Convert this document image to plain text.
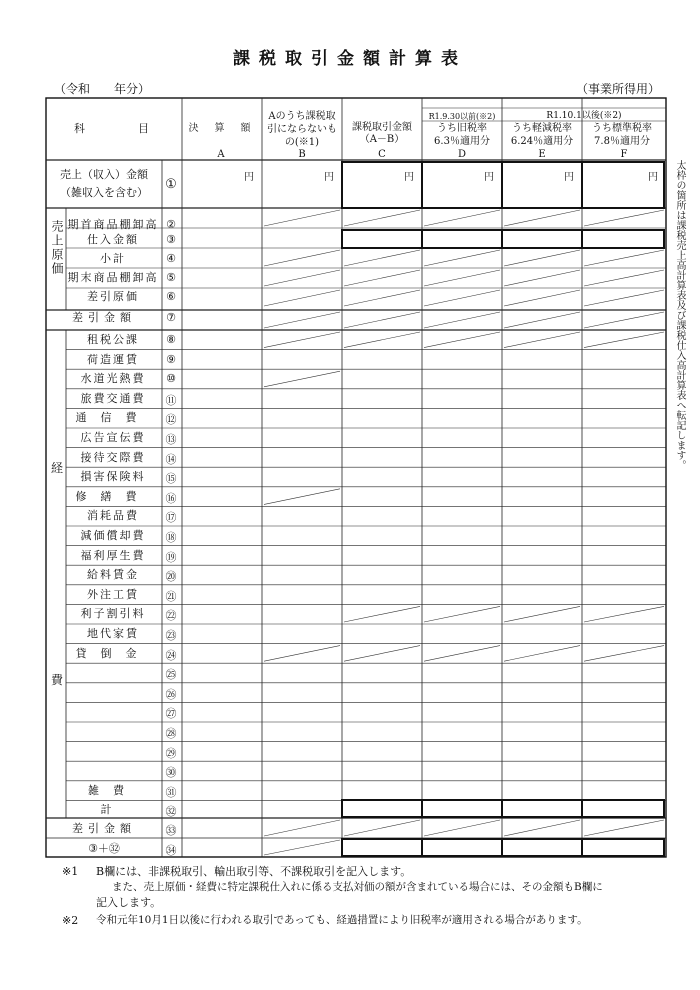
課税取引金額計算表
（令和　　年分）	（事業所得用）
太枠の箇所は課税売上高計算表及び課税仕入高計算表へ転記します。
科　　　目	決　算　額
A
Aのうち課税取引にならないもの(※1)
B
課税取引金額（A－B）
C
R1.9.30以前(※2)	R1.10.1以後(※2)
うち旧税率6.3％適用分
D
うち軽減税率6.24％適用分
E
うち標準税率7.8％適用分
F
売上（収入）金額
（雑収入を含む）
①	円	円	円	円	円	円
売上原価 期首商品棚卸高 ②
仕入金額	③
小計	④
期末商品棚卸高 ⑤
差引原価	⑥
差引金額	⑦
経
費
租税公課	⑧
荷造運賃	⑨
水道光熱費	⑩
旅費交通費	⑪
通信費	⑫
広告宣伝費	⑬
接待交際費	⑭
損害保険料	⑮
修繕費	⑯
消耗品費	⑰
減価償却費	⑱
福利厚生費	⑲
給料賃金	⑳
外注工賃	㉑
利子割引料	㉒
地代家賃	㉓
貸倒金	㉔
㉕
㉖
㉗
㉘
㉙
㉚
雑費	㉛
計	㉜
差引金額	㉝
③＋㉜	㉞
※1 B欄には、非課税取引、輸出取引等、不課税取引を記入します。
また、売上原価・経費に特定課税仕入れに係る支払対価の額が含まれている場合には、その金額もB欄に
記入します。
※2 令和元年10月1日以後に行われる取引であっても、経過措置により旧税率が適用される場合があります。
